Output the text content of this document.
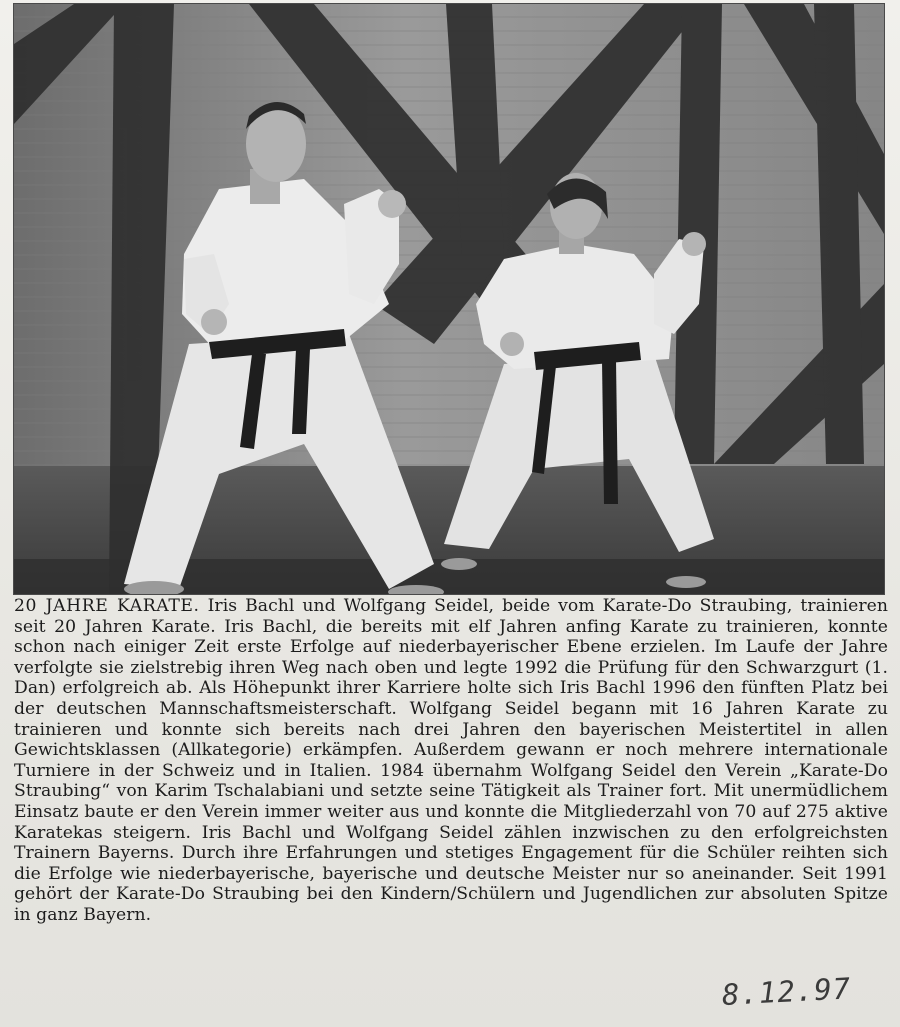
20 JAHRE KARATE. Iris Bachl und Wolfgang Seidel, beide vom Karate-Do Straubing, trainieren seit 20 Jahren Karate. Iris Bachl, die bereits mit elf Jahren anfing Karate zu trainieren, konnte schon nach einiger Zeit erste Erfolge auf niederbayerischer Ebene erzielen. Im Laufe der Jahre verfolgte sie zielstrebig ihren Weg nach oben und legte 1992 die Prüfung für den Schwarzgurt (1. Dan) erfolgreich ab. Als Höhepunkt ihrer Karriere holte sich Iris Bachl 1996 den fünften Platz bei der deutschen Mannschaftsmeisterschaft. Wolfgang Seidel begann mit 16 Jahren Karate zu trainieren und konnte sich bereits nach drei Jahren den bayerischen Meistertitel in allen Gewichtsklassen (Allkategorie) erkämpfen. Außerdem gewann er noch mehrere internationale Turniere in der Schweiz und in Italien. 1984 übernahm Wolfgang Seidel den Verein „Karate-Do Straubing“ von Karim Tschalabiani und setzte seine Tätigkeit als Trainer fort. Mit unermüdlichem Einsatz baute er den Verein immer weiter aus und konnte die Mitgliederzahl von 70 auf 275 aktive Karatekas steigern. Iris Bachl und Wolfgang Seidel zählen inzwischen zu den erfolgreichsten Trainern Bayerns. Durch ihre Erfahrungen und stetiges Engagement für die Schüler reihten sich die Erfolge wie niederbayerische, bayerische und deutsche Meister nur so aneinander. Seit 1991 gehört der Karate-Do Straubing bei den Kindern/Schülern und Jugendlichen zur absoluten Spitze in ganz Bayern.

8.12.97
